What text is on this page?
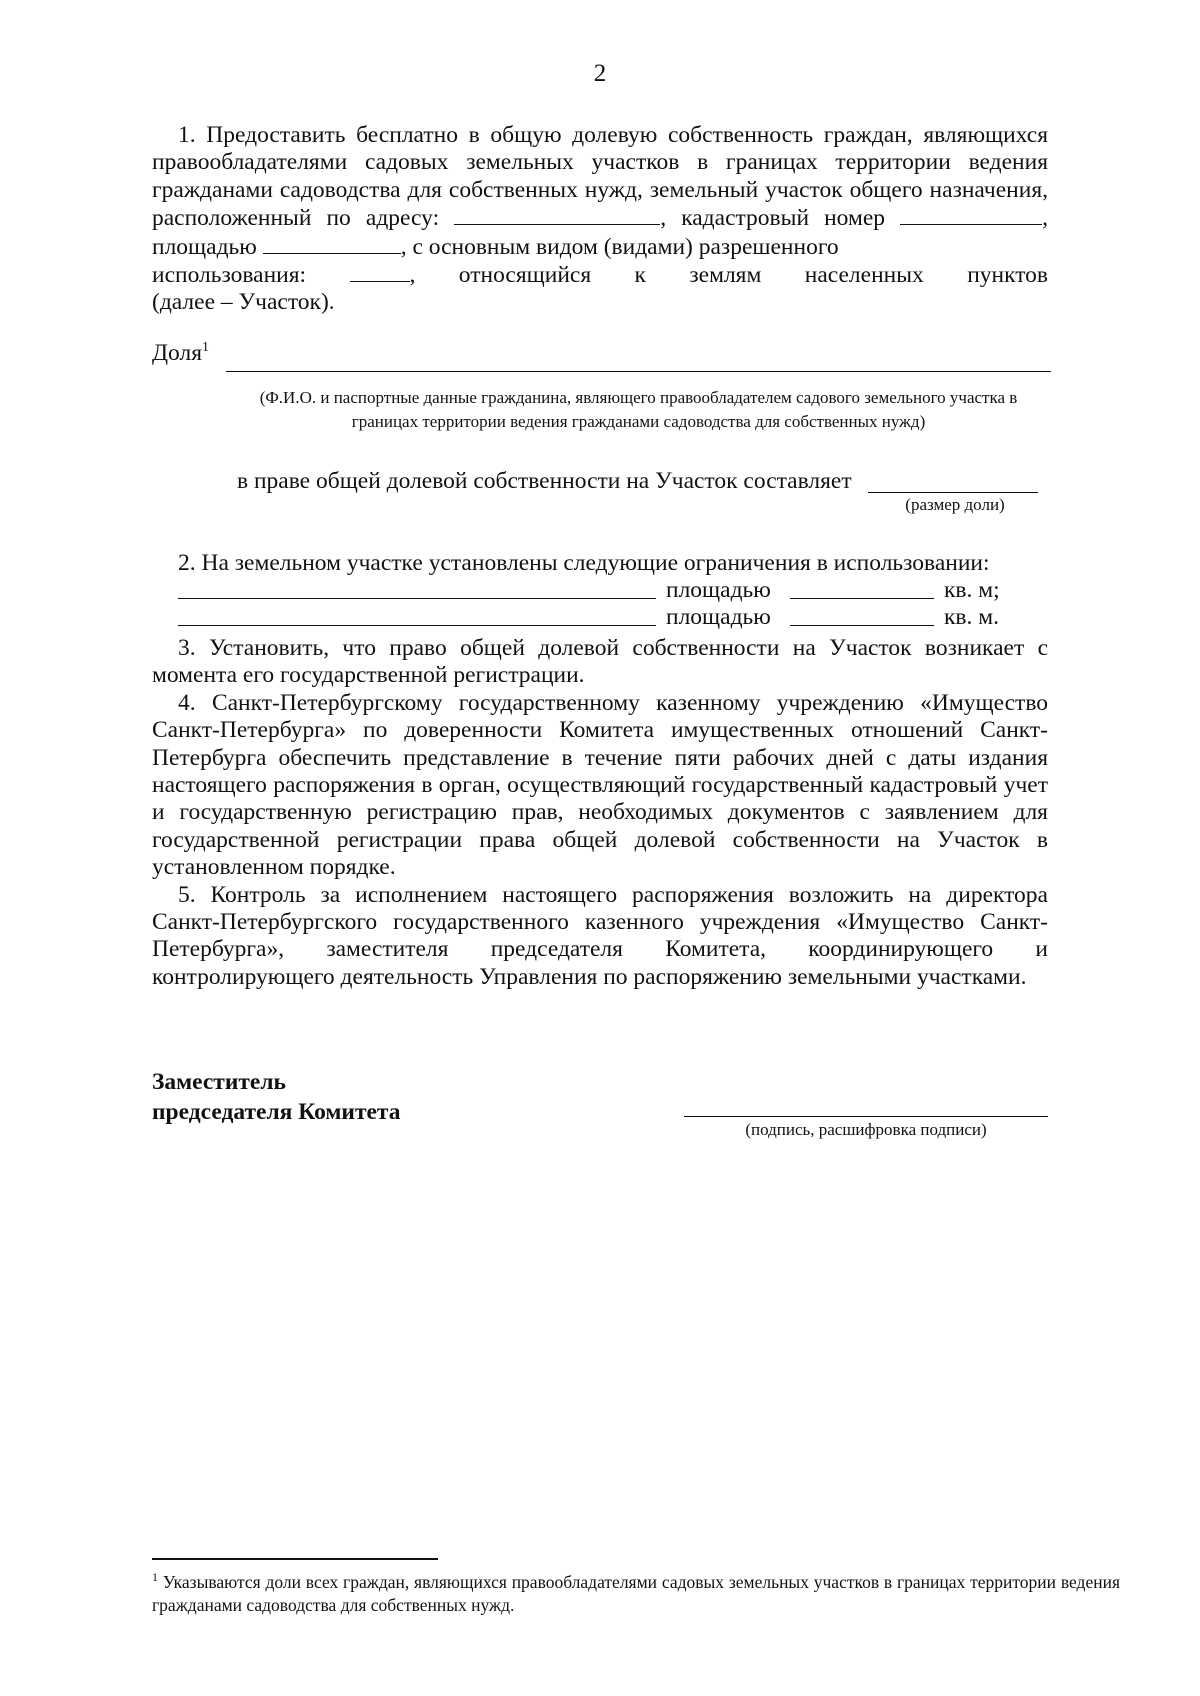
2

1. Предоставить бесплатно в общую долевую собственность граждан, являющихся правообладателями садовых земельных участков в границах территории ведения гражданами садоводства для собственных нужд, земельный участок общего назначения, расположенный по адресу:	, кадастровый номер	, площадью	, с основным видом (видами) разрешенного

использования:	, относящийся к землям населенных пунктов

(далее – Участок).

Доля$^1$
(Ф.И.О. и паспортные данные гражданина, являющего правообладателем садового земельного участка в границах территории ведения гражданами садоводства для собственных нужд)
в праве общей долевой собственности на Участок составляет
(размер доли)

2. На земельном участке установлены следующие ограничения в использовании:

площадью	кв. м;
площадью	кв. м.

3. Установить, что право общей долевой собственности на Участок возникает с момента его государственной регистрации.

4. Санкт-Петербургскому государственному казенному учреждению «Имущество Санкт-Петербурга» по доверенности Комитета имущественных отношений Санкт-Петербурга обеспечить представление в течение пяти рабочих дней с даты издания настоящего распоряжения в орган, осуществляющий государственный кадастровый учет и государственную регистрацию прав, необходимых документов с заявлением для государственной регистрации права общей долевой собственности на Участок в установленном порядке.

5. Контроль за исполнением настоящего распоряжения возложить на директора Санкт-Петербургского государственного казенного учреждения «Имущество Санкт-Петербурга», заместителя председателя Комитета, координирующего и контролирующего деятельность Управления по распоряжению земельными участками.

Заместитель
председателя Комитета
(подпись, расшифровка подписи)
$^1$ Указываются доли всех граждан, являющихся правообладателями садовых земельных участков в границах территории ведения гражданами садоводства для собственных нужд.
